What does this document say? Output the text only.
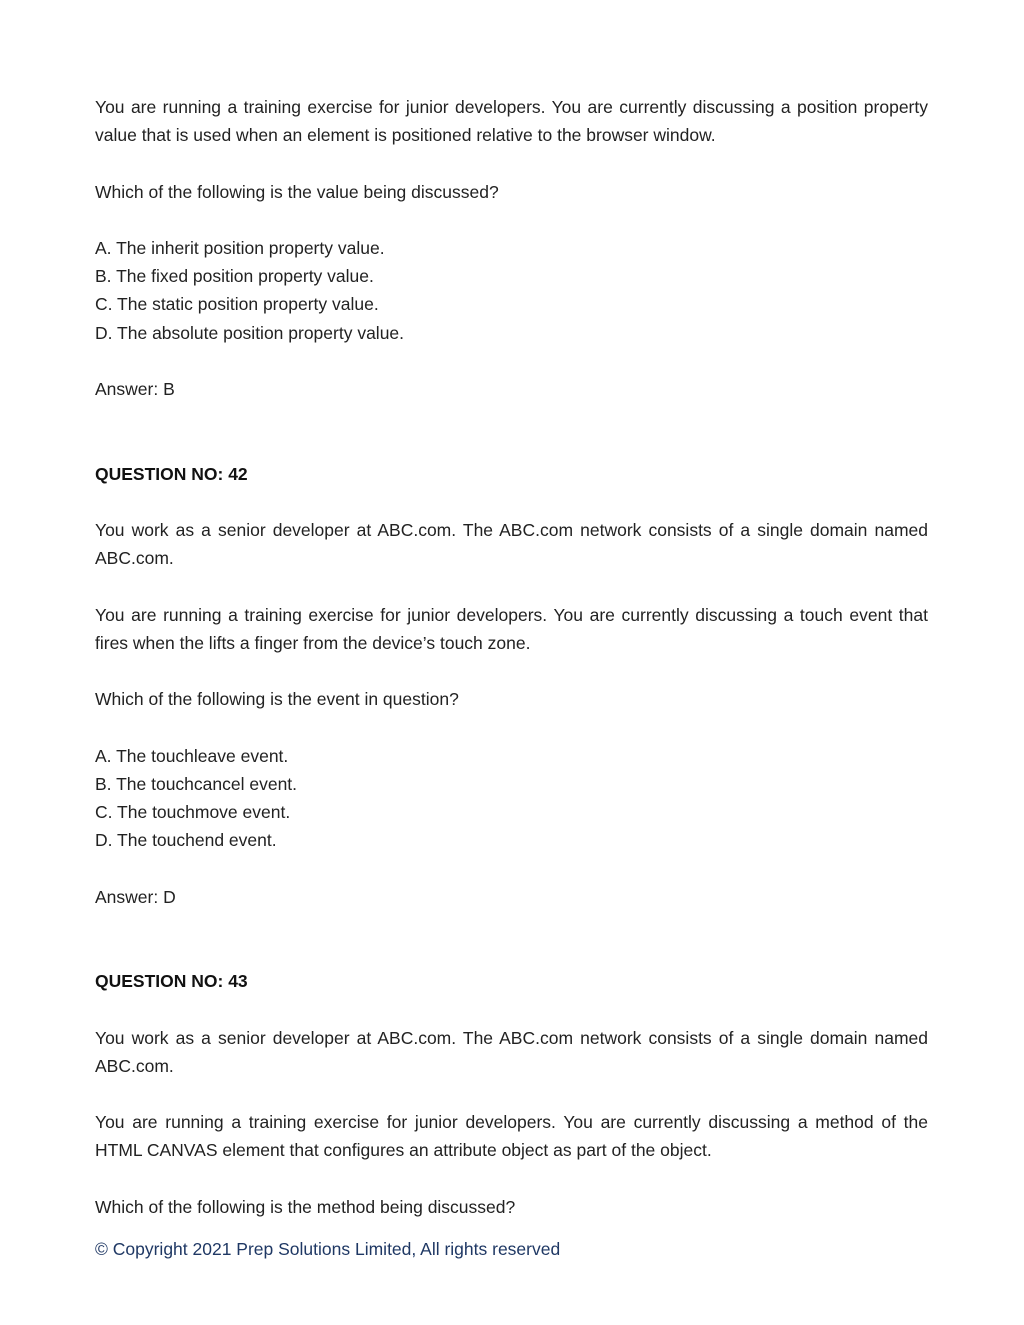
You are running a training exercise for junior developers. You are currently discussing a position property value that is used when an element is positioned relative to the browser window.

Which of the following is the value being discussed?

A. The inherit position property value.
B. The fixed position property value.
C. The static position property value.
D. The absolute position property value.

Answer: B

QUESTION NO: 42

You work as a senior developer at ABC.com. The ABC.com network consists of a single domain named ABC.com.

You are running a training exercise for junior developers. You are currently discussing a touch event that fires when the lifts a finger from the device’s touch zone.

Which of the following is the event in question?

A. The touchleave event.
B. The touchcancel event.
C. The touchmove event.
D. The touchend event.

Answer: D

QUESTION NO: 43

You work as a senior developer at ABC.com. The ABC.com network consists of a single domain named ABC.com.

You are running a training exercise for junior developers. You are currently discussing a method of the HTML CANVAS element that configures an attribute object as part of the object.

Which of the following is the method being discussed?

© Copyright 2021 Prep Solutions Limited, All rights reserved
